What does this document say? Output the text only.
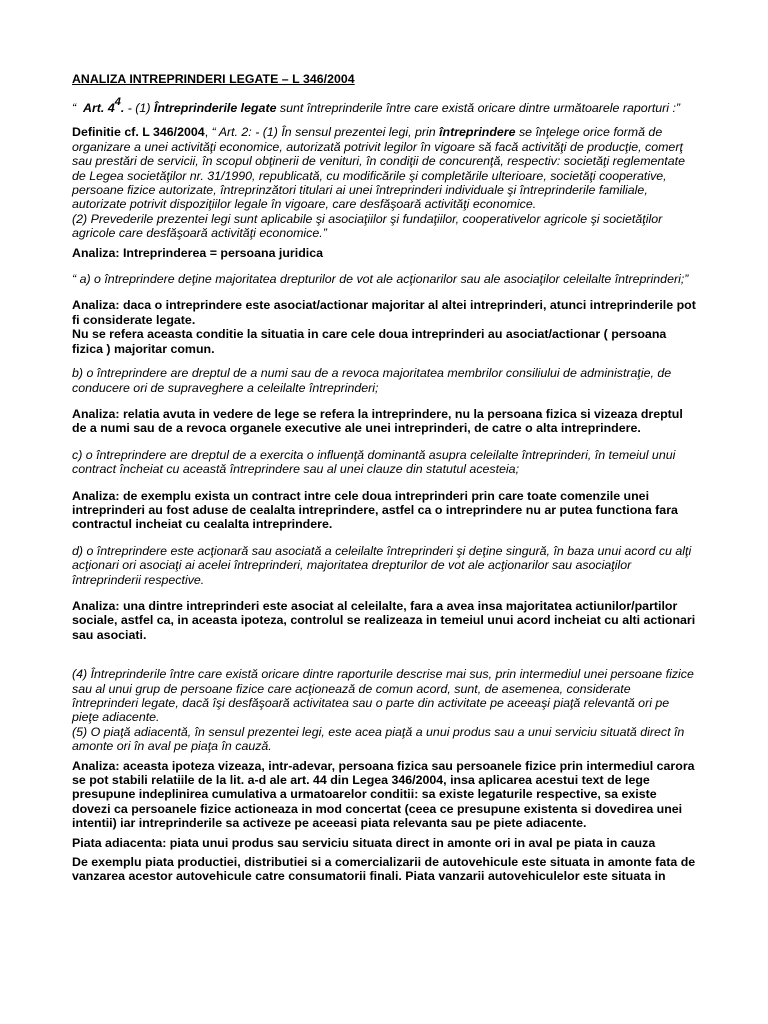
ANALIZA INTREPRINDERI LEGATE – L 346/2004

“ Art. $4^4$. - (1) Întreprinderile legate sunt întreprinderile între care există oricare dintre următoarele raporturi :”

Definitie cf. L 346/2004, “ Art. 2: - (1) În sensul prezentei legi, prin întreprindere se înţelege orice formă de organizare a unei activităţi economice, autorizată potrivit legilor în vigoare să facă activităţi de producţie, comerţ sau prestări de servicii, în scopul obţinerii de venituri, în condiţii de concurenţă, respectiv: societăţi reglementate de Legea societăţilor nr. 31/1990, republicată, cu modificările şi completările ulterioare, societăţi cooperative, persoane fizice autorizate, întreprinzători titulari ai unei întreprinderi individuale şi întreprinderile familiale, autorizate potrivit dispoziţiilor legale în vigoare, care desfăşoară activităţi economice.
(2) Prevederile prezentei legi sunt aplicabile şi asociaţiilor şi fundaţiilor, cooperativelor agricole şi societăţilor agricole care desfăşoară activităţi economice.”

Analiza: Intreprinderea = persoana juridica

“ a) o întreprindere deţine majoritatea drepturilor de vot ale acţionarilor sau ale asociaţilor celeilalte întreprinderi;”

Analiza: daca o intreprindere este asociat/actionar majoritar al altei intreprinderi, atunci intreprinderile pot fi considerate legate.
Nu se refera aceasta conditie la situatia in care cele doua intreprinderi au asociat/actionar ( persoana fizica ) majoritar comun.

b) o întreprindere are dreptul de a numi sau de a revoca majoritatea membrilor consiliului de administraţie, de conducere ori de supraveghere a celeilalte întreprinderi;

Analiza: relatia avuta in vedere de lege se refera la intreprindere, nu la persoana fizica si vizeaza dreptul de a numi sau de a revoca organele executive ale unei intreprinderi, de catre o alta intreprindere.

c) o întreprindere are dreptul de a exercita o influenţă dominantă asupra celeilalte întreprinderi, în temeiul unui contract încheiat cu această întreprindere sau al unei clauze din statutul acesteia;

Analiza: de exemplu exista un contract intre cele doua intreprinderi prin care toate comenzile unei intreprinderi au fost aduse de cealalta intreprindere, astfel ca o intreprindere nu ar putea functiona fara contractul incheiat cu cealalta intreprindere.

d) o întreprindere este acţionară sau asociată a celeilalte întreprinderi şi deţine singură, în baza unui acord cu alţi acţionari ori asociaţi ai acelei întreprinderi, majoritatea drepturilor de vot ale acţionarilor sau asociaţilor întreprinderii respective.

Analiza: una dintre intreprinderi este asociat al celeilalte, fara a avea insa majoritatea actiunilor/partilor sociale, astfel ca, in aceasta ipoteza, controlul se realizeaza in temeiul unui acord incheiat cu alti actionari sau asociati.

(4) Întreprinderile între care există oricare dintre raporturile descrise mai sus, prin intermediul unei persoane fizice sau al unui grup de persoane fizice care acţionează de comun acord, sunt, de asemenea, considerate întreprinderi legate, dacă îşi desfăşoară activitatea sau o parte din activitate pe aceeaşi piaţă relevantă ori pe pieţe adiacente.
(5) O piaţă adiacentă, în sensul prezentei legi, este acea piaţă a unui produs sau a unui serviciu situată direct în amonte ori în aval pe piaţa în cauză.

Analiza: aceasta ipoteza vizeaza, intr-adevar, persoana fizica sau persoanele fizice prin intermediul carora se pot stabili relatiile de la lit. a-d ale art. 44 din Legea 346/2004, insa aplicarea acestui text de lege presupune indeplinirea cumulativa a urmatoarelor conditii: sa existe legaturile respective, sa existe dovezi ca persoanele fizice actioneaza in mod concertat (ceea ce presupune existenta si dovedirea unei intentii) iar intreprinderile sa activeze pe aceeasi piata relevanta sau pe piete adiacente.

Piata adiacenta: piata unui produs sau serviciu situata direct in amonte ori in aval pe piata in cauza

De exemplu piata productiei, distributiei si a comercializarii de autovehicule este situata in amonte fata de vanzarea acestor autovehicule catre consumatorii finali. Piata vanzarii autovehiculelor este situata in
